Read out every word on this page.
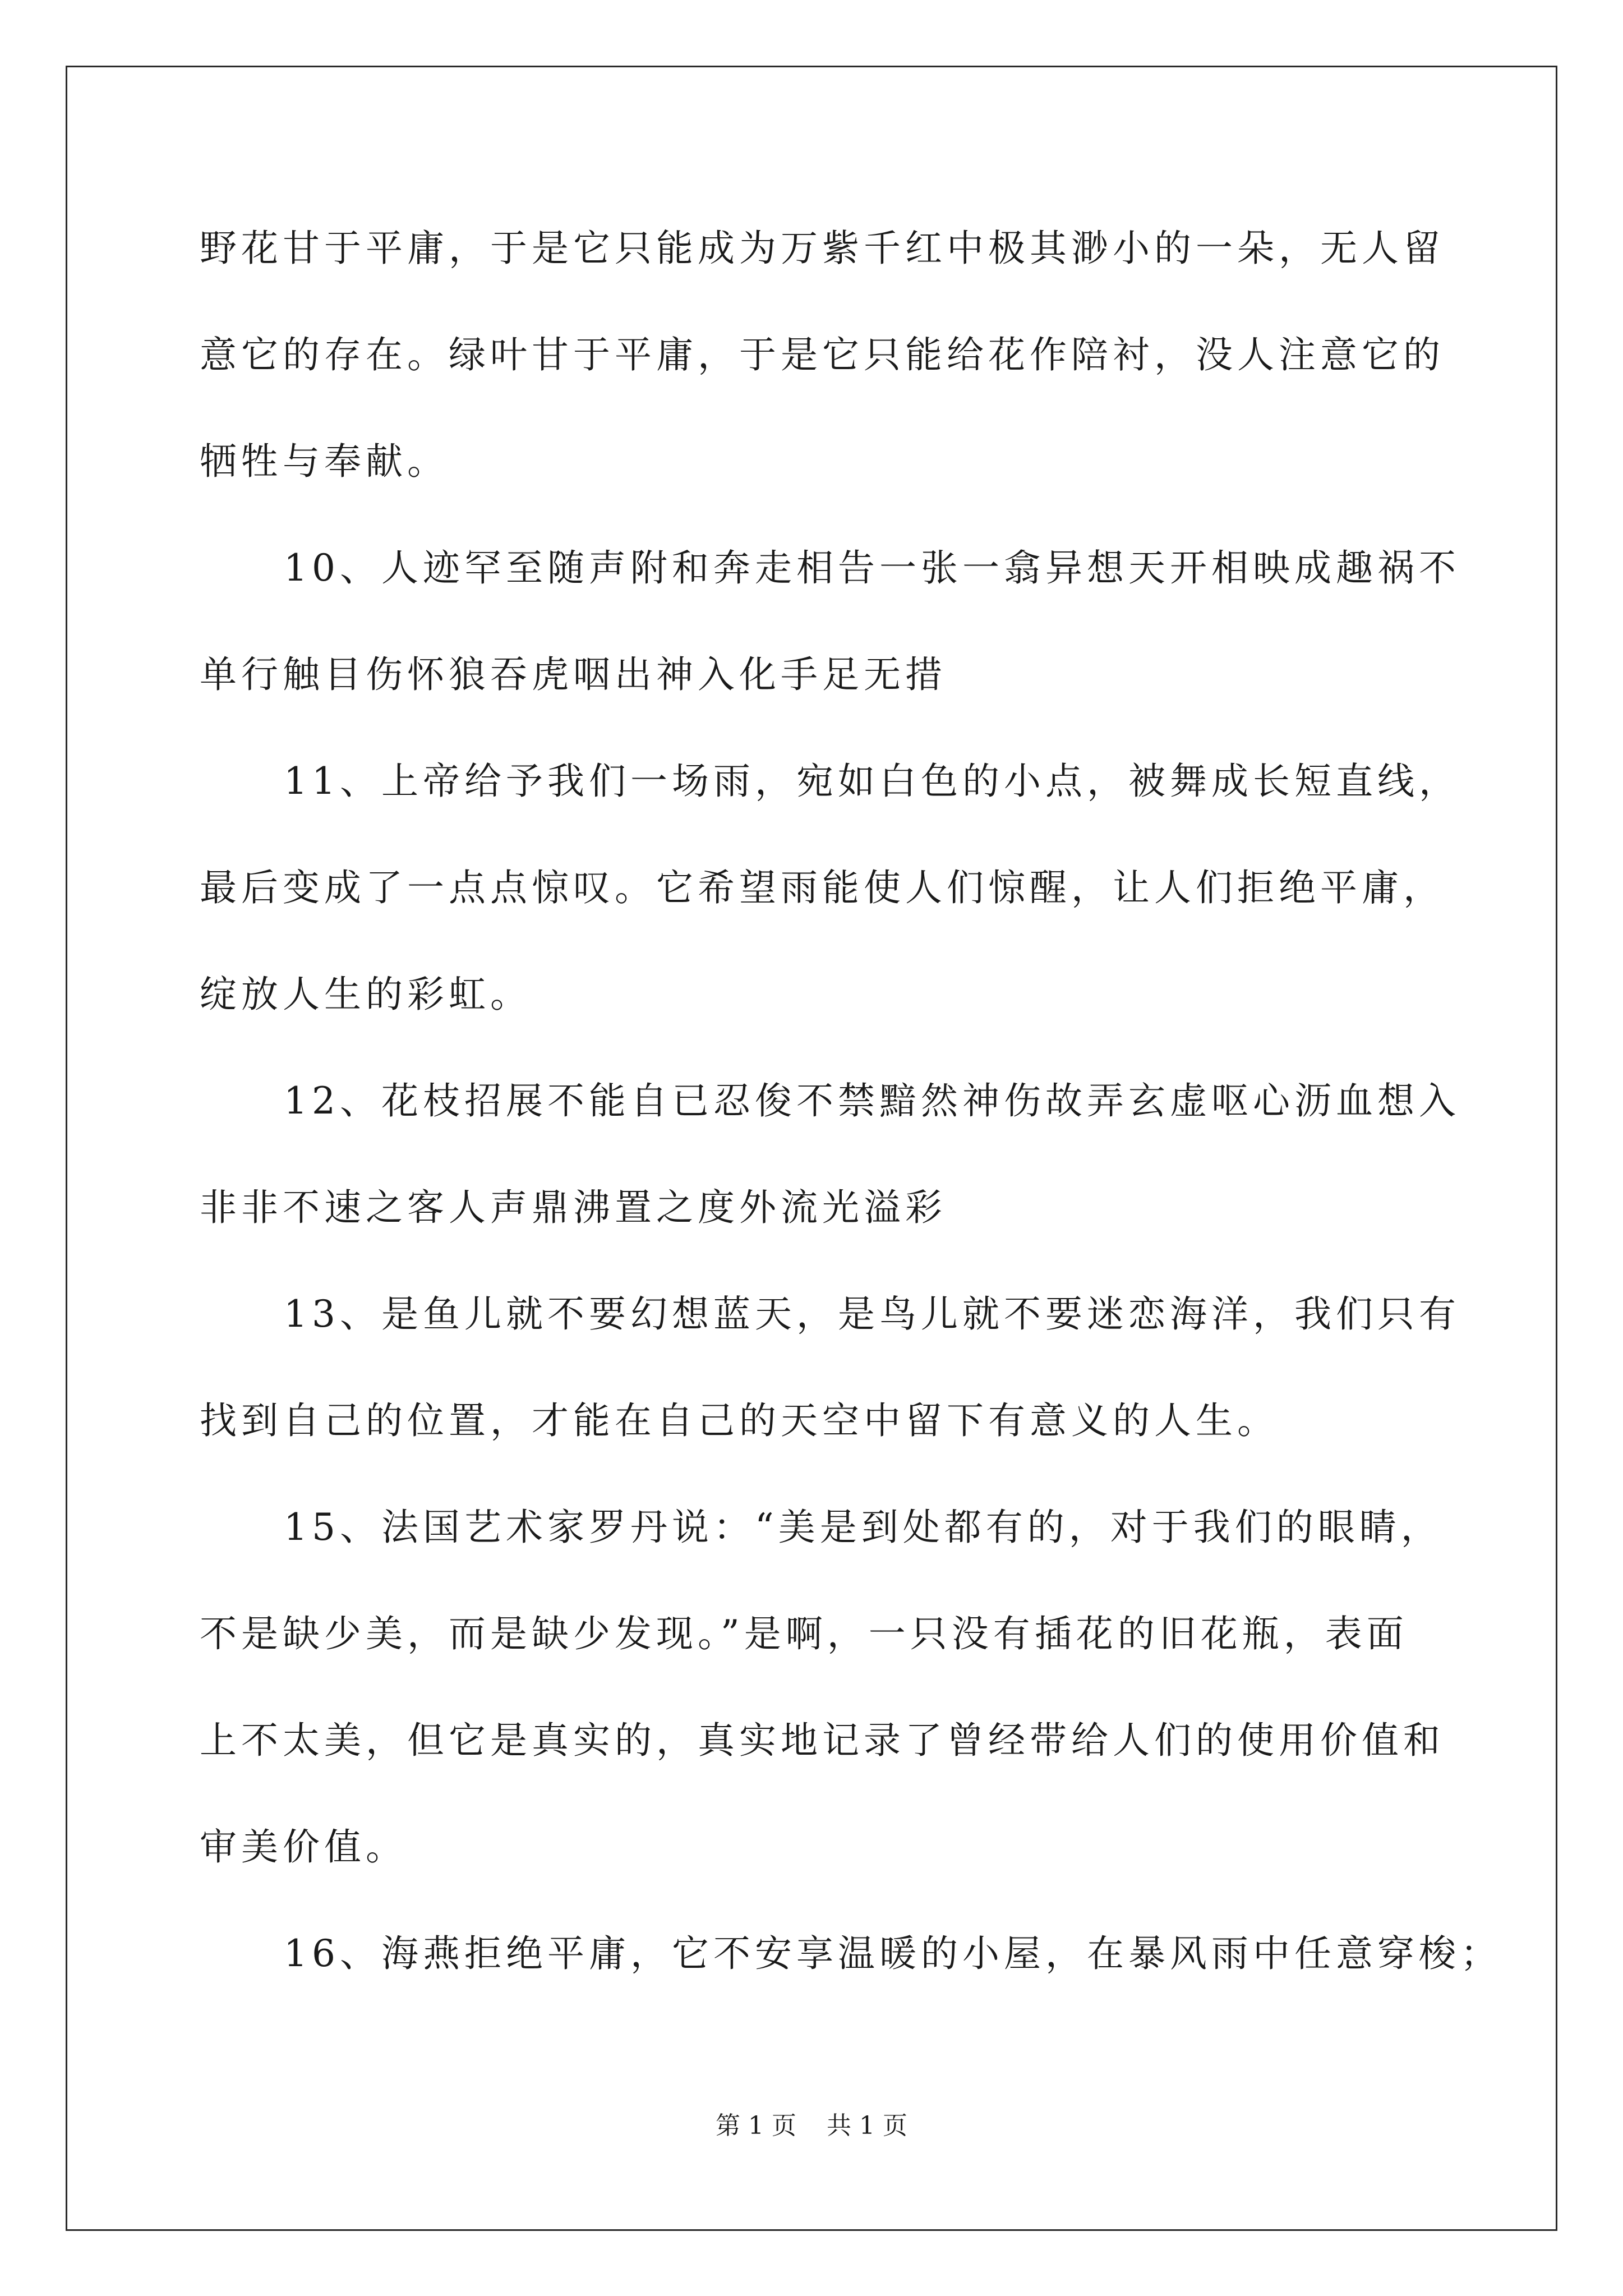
野花甘于平庸，于是它只能成为万紫千红中极其渺小的一朵，无人留
意它的存在。绿叶甘于平庸，于是它只能给花作陪衬，没人注意它的
牺牲与奉献。
10、人迹罕至随声附和奔走相告一张一翕异想天开相映成趣祸不
单行触目伤怀狼吞虎咽出神入化手足无措
11、上帝给予我们一场雨，宛如白色的小点，被舞成长短直线，
最后变成了一点点惊叹。它希望雨能使人们惊醒，让人们拒绝平庸，
绽放人生的彩虹。
12、花枝招展不能自已忍俊不禁黯然神伤故弄玄虚呕心沥血想入
非非不速之客人声鼎沸置之度外流光溢彩
13、是鱼儿就不要幻想蓝天，是鸟儿就不要迷恋海洋，我们只有
找到自己的位置，才能在自己的天空中留下有意义的人生。
15、法国艺术家罗丹说：“美是到处都有的，对于我们的眼睛，
不是缺少美，而是缺少发现。”是啊，一只没有插花的旧花瓶，表面
上不太美，但它是真实的，真实地记录了曾经带给人们的使用价值和
审美价值。
16、海燕拒绝平庸，它不安享温暖的小屋，在暴风雨中任意穿梭；
第 1 页 共 1 页
